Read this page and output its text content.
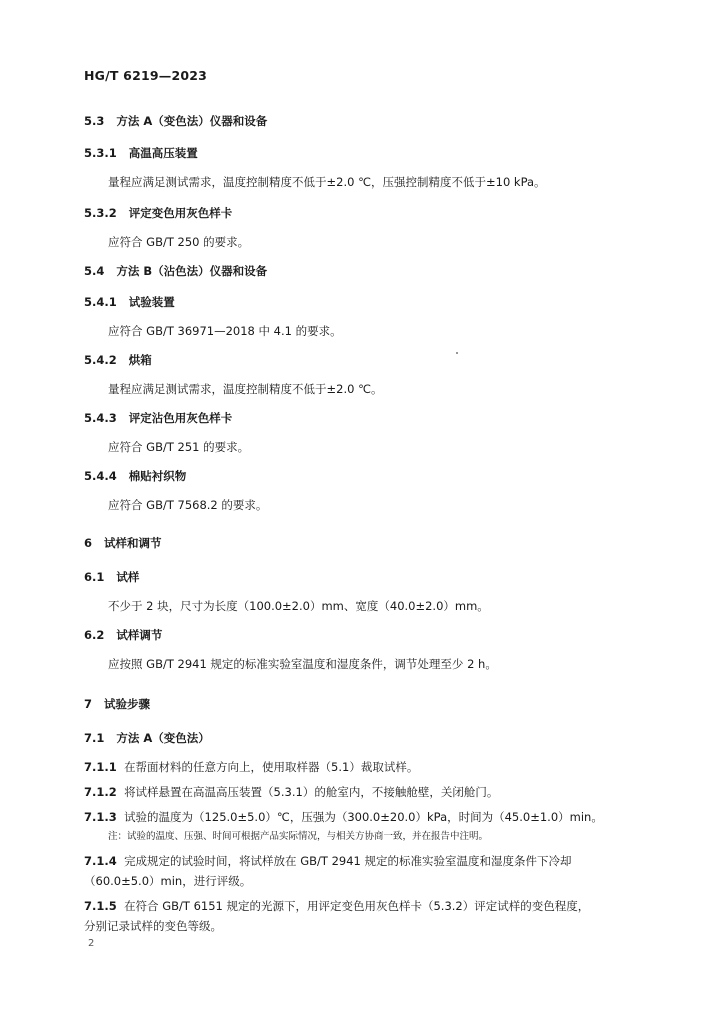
HG/T 6219—2023
5.3 方法 A（变色法）仪器和设备
5.3.1 高温高压装置
量程应满足测试需求，温度控制精度不低于±2.0 ℃，压强控制精度不低于±10 kPa。
5.3.2 评定变色用灰色样卡
应符合 GB/T 250 的要求。
5.4 方法 B（沾色法）仪器和设备
5.4.1 试验装置
应符合 GB/T 36971—2018 中 4.1 的要求。
5.4.2 烘箱
量程应满足测试需求，温度控制精度不低于±2.0 ℃。
5.4.3 评定沾色用灰色样卡
应符合 GB/T 251 的要求。
5.4.4 棉贴衬织物
应符合 GB/T 7568.2 的要求。
6 试样和调节
6.1 试样
不少于 2 块，尺寸为长度（100.0±2.0）mm、宽度（40.0±2.0）mm。
6.2 试样调节
应按照 GB/T 2941 规定的标准实验室温度和湿度条件，调节处理至少 2 h。
7 试验步骤
7.1 方法 A（变色法）
7.1.1 在帮面材料的任意方向上，使用取样器（5.1）裁取试样。
7.1.2 将试样悬置在高温高压装置（5.3.1）的舱室内，不接触舱壁，关闭舱门。
7.1.3 试验的温度为（125.0±5.0）℃，压强为（300.0±20.0）kPa，时间为（45.0±1.0）min。
注：试验的温度、压强、时间可根据产品实际情况，与相关方协商一致，并在报告中注明。
7.1.4 完成规定的试验时间，将试样放在 GB/T 2941 规定的标准实验室温度和湿度条件下冷却
（60.0±5.0）min，进行评级。
7.1.5 在符合 GB/T 6151 规定的光源下，用评定变色用灰色样卡（5.3.2）评定试样的变色程度，
分别记录试样的变色等级。
2
